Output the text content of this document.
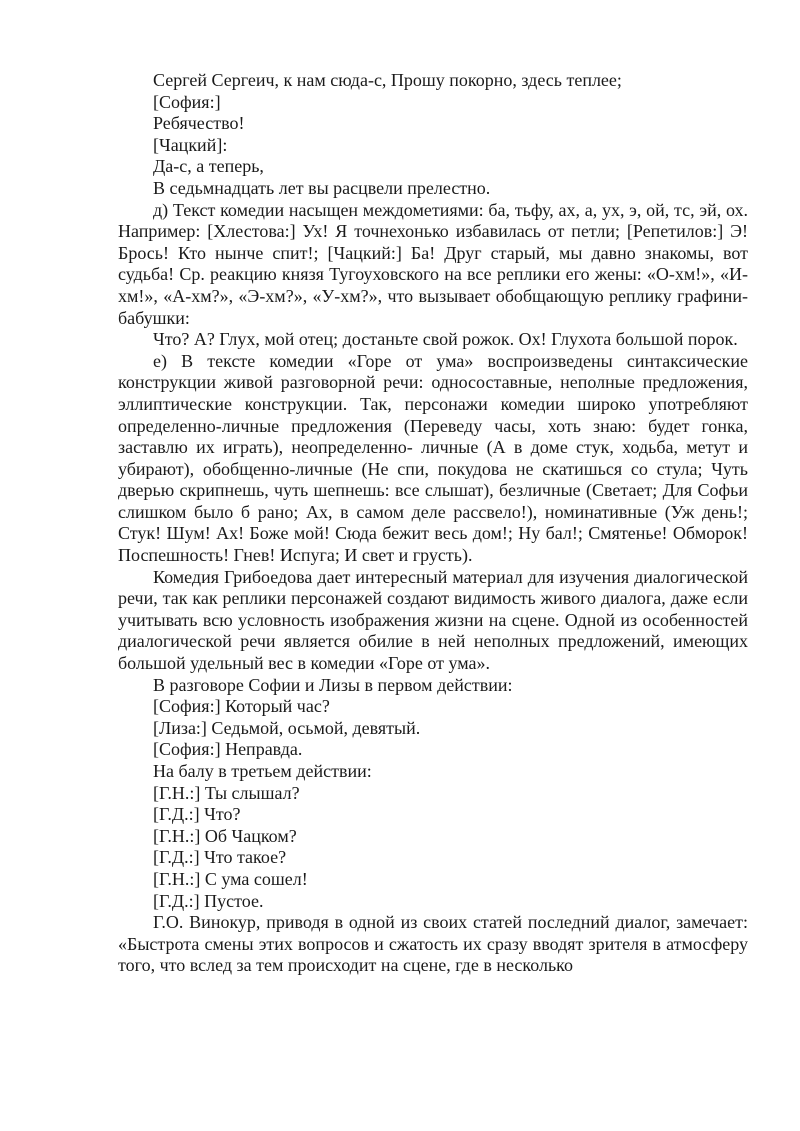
Сергей Сергеич, к нам сюда-с, Прошу покорно, здесь теплее;

[София:]

Ребячество!

[Чацкий]:

Да-с, а теперь,

В седьмнадцать лет вы расцвели прелестно.

д) Текст комедии насыщен междометиями: ба, тьфу, ах, а, ух, э, ой, тс, эй, ох. Например: [Хлестова:] Ух! Я точнехонько избавилась от петли; [Репетилов:] Э! Брось! Кто нынче спит!; [Чацкий:] Ба! Друг старый, мы давно знакомы, вот судьба! Ср. реакцию князя Тугоуховского на все реплики его жены: «О-хм!», «И-хм!», «А-хм?», «Э-хм?», «У-хм?», что вызывает обобщающую реплику графини-бабушки:

Что? А? Глух, мой отец; достаньте свой рожок. Ох! Глухота большой порок.

е) В тексте комедии «Горе от ума» воспроизведены синтаксические конструкции живой разговорной речи: односоставные, неполные предложения, эллиптические конструкции. Так, персонажи комедии широко употребляют определенно-личные предложения (Переведу часы, хоть знаю: будет гонка, заставлю их играть), неопределенно- личные (А в доме стук, ходьба, метут и убирают), обобщенно-личные (Не спи, покудова не скатишься со стула; Чуть дверью скрипнешь, чуть шепнешь: все слышат), безличные (Светает; Для Софьи слишком было б рано; Ах, в самом деле рассвело!), номинативные (Уж день!; Стук! Шум! Ах! Боже мой! Сюда бежит весь дом!; Ну бал!; Смятенье! Обморок! Поспешность! Гнев! Испуга; И свет и грусть).

Комедия Грибоедова дает интересный материал для изучения диалогической речи, так как реплики персонажей создают видимость живого диалога, даже если учитывать всю условность изображения жизни на сцене. Одной из особенностей диалогической речи является обилие в ней неполных предложений, имеющих большой удельный вес в комедии «Горе от ума».

В разговоре Софии и Лизы в первом действии:

[София:] Который час?

[Лиза:] Седьмой, осьмой, девятый.

[София:] Неправда.

На балу в третьем действии:

[Г.Н.:] Ты слышал?

[Г.Д.:] Что?

[Г.Н.:] Об Чацком?

[Г.Д.:] Что такое?

[Г.Н.:] С ума сошел!

[Г.Д.:] Пустое.

Г.О. Винокур, приводя в одной из своих статей последний диалог, замечает: «Быстрота смены этих вопросов и сжатость их сразу вводят зрителя в атмосферу того, что вслед за тем происходит на сцене, где в несколько
